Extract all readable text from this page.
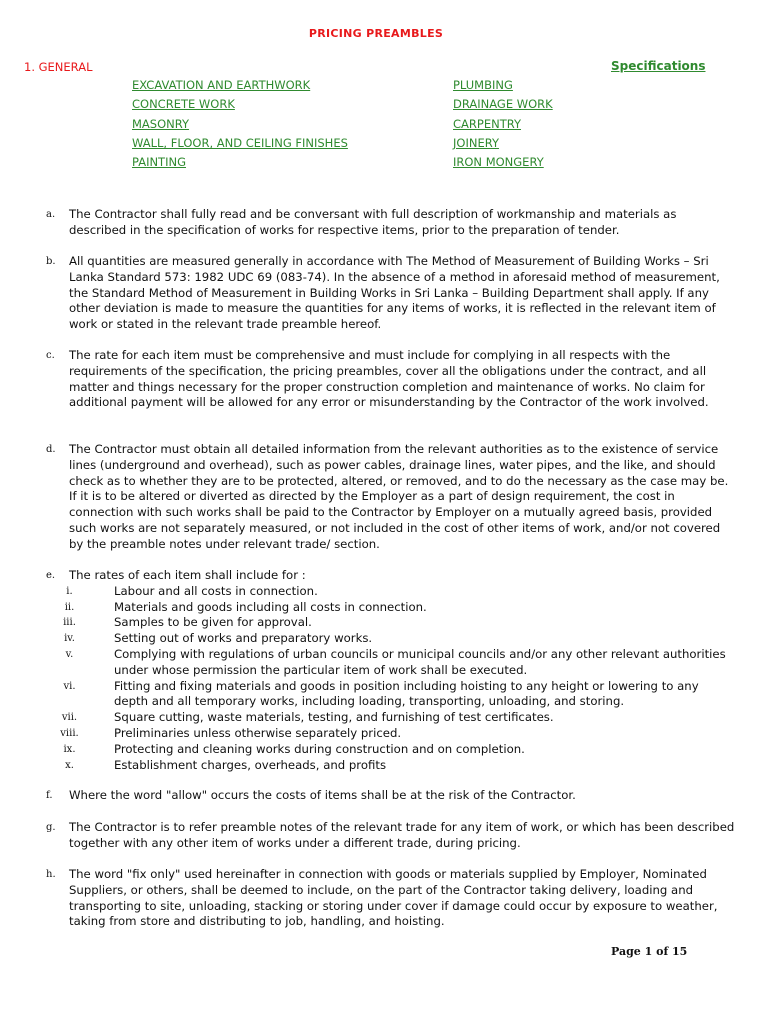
PRICING PREAMBLES
1. GENERAL	Specifications
EXCAVATION AND EARTHWORK
CONCRETE WORK
MASONRY
WALL, FLOOR, AND CEILING FINISHES
PAINTING
PLUMBING
DRAINAGE WORK
CARPENTRY
JOINERY
IRON MONGERY
a. The Contractor shall fully read and be conversant with full description of workmanship and materials as described in the specification of works for respective items, prior to the preparation of tender.
b. All quantities are measured generally in accordance with The Method of Measurement of Building Works – Sri Lanka Standard 573: 1982 UDC 69 (083-74). In the absence of a method in aforesaid method of measurement, the Standard Method of Measurement in Building Works in Sri Lanka – Building Department shall apply. If any other deviation is made to measure the quantities for any items of works, it is reflected in the relevant item of work or stated in the relevant trade preamble hereof.
c. The rate for each item must be comprehensive and must include for complying in all respects with the requirements of the specification, the pricing preambles, cover all the obligations under the contract, and all matter and things necessary for the proper construction completion and maintenance of works. No claim for additional payment will be allowed for any error or misunderstanding by the Contractor of the work involved.
d. The Contractor must obtain all detailed information from the relevant authorities as to the existence of service lines (underground and overhead), such as power cables, drainage lines, water pipes, and the like, and should check as to whether they are to be protected, altered, or removed, and to do the necessary as the case may be. If it is to be altered or diverted as directed by the Employer as a part of design requirement, the cost in connection with such works shall be paid to the Contractor by Employer on a mutually agreed basis, provided such works are not separately measured, or not included in the cost of other items of work, and/or not covered by the preamble notes under relevant trade/ section.
e. The rates of each item shall include for :
i.	Labour and all costs in connection.
ii.	Materials and goods including all costs in connection.
iii.	Samples to be given for approval.
iv.	Setting out of works and preparatory works.
v.	Complying with regulations of urban councils or municipal councils and/or any other relevant authorities under whose permission the particular item of work shall be executed.
vi.	Fitting and fixing materials and goods in position including hoisting to any height or lowering to any depth and all temporary works, including loading, transporting, unloading, and storing.
vii.	Square cutting, waste materials, testing, and furnishing of test certificates.
viii.	Preliminaries unless otherwise separately priced.
ix.	Protecting and cleaning works during construction and on completion.
x.	Establishment charges, overheads, and profits
f. Where the word "allow" occurs the costs of items shall be at the risk of the Contractor.
g. The Contractor is to refer preamble notes of the relevant trade for any item of work, or which has been described together with any other item of works under a different trade, during pricing.
h. The word "fix only" used hereinafter in connection with goods or materials supplied by Employer, Nominated Suppliers, or others, shall be deemed to include, on the part of the Contractor taking delivery, loading and transporting to site, unloading, stacking or storing under cover if damage could occur by exposure to weather, taking from store and distributing to job, handling, and hoisting.
Page 1 of 15
